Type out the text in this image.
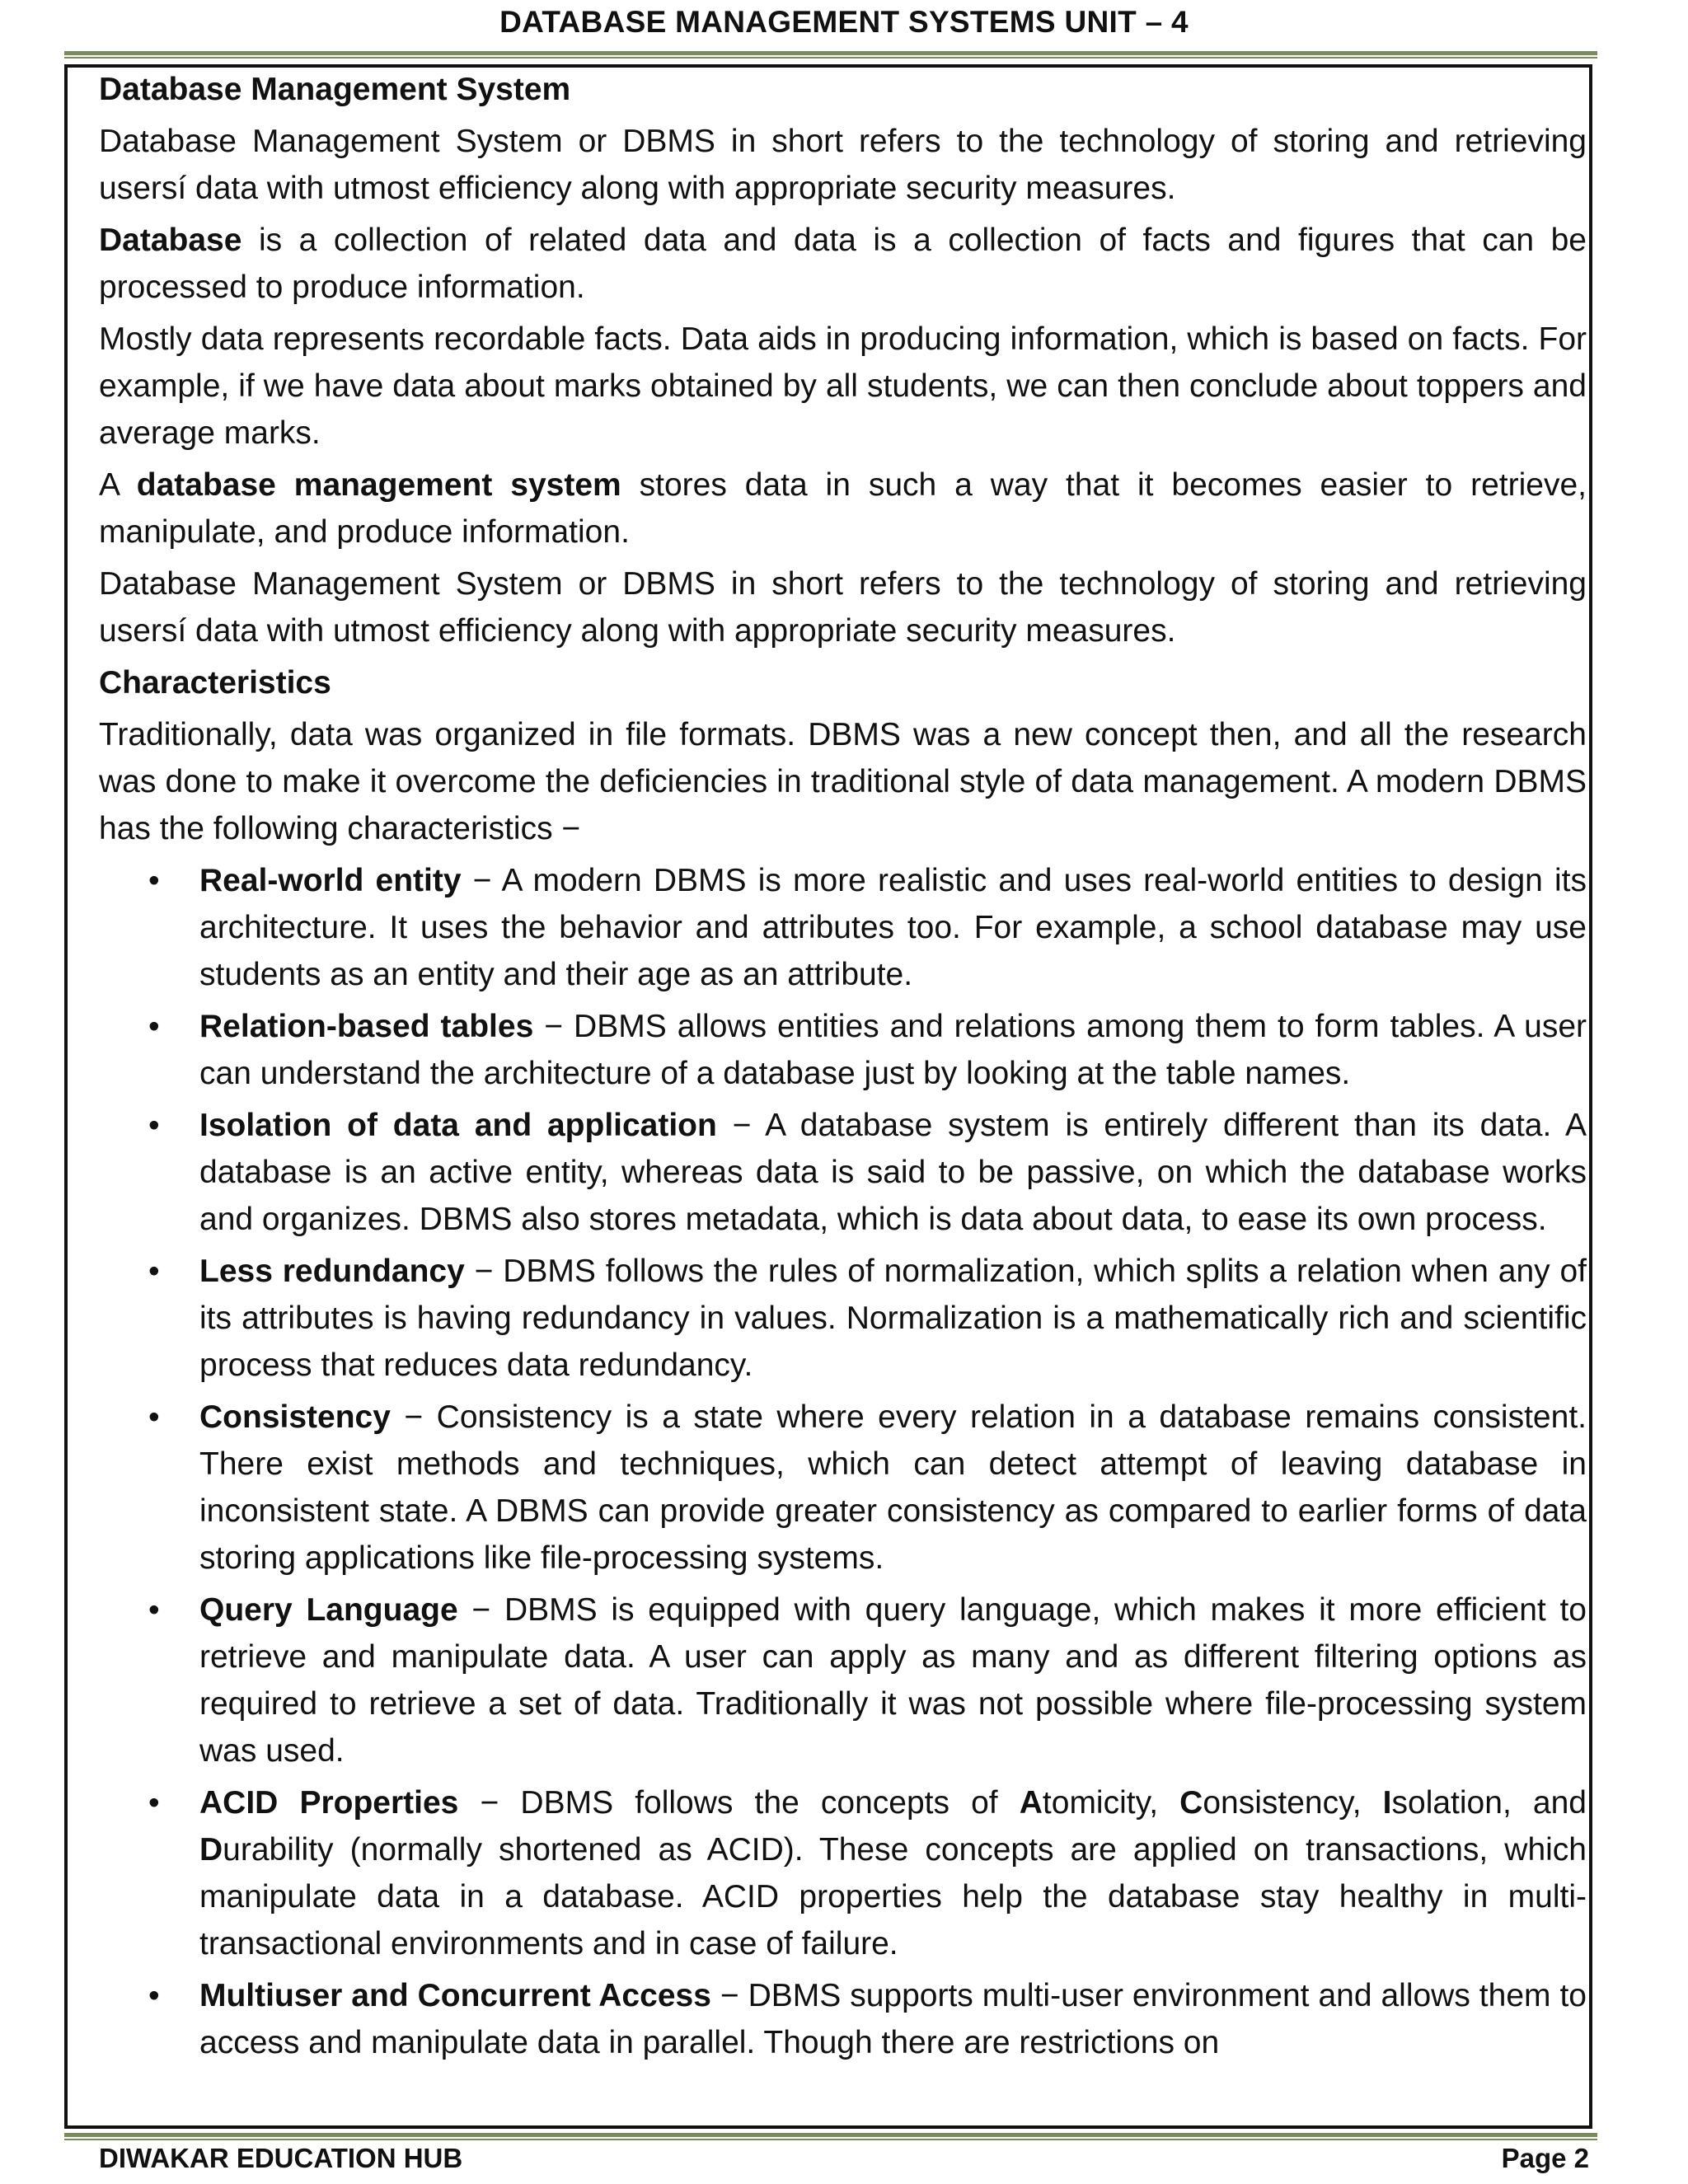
DATABASE MANAGEMENT SYSTEMS UNIT – 4
Database Management System

Database Management System or DBMS in short refers to the technology of storing and retrieving usersí data with utmost efficiency along with appropriate security measures.

Database is a collection of related data and data is a collection of facts and figures that can be processed to produce information.

Mostly data represents recordable facts. Data aids in producing information, which is based on facts. For example, if we have data about marks obtained by all students, we can then conclude about toppers and average marks.

A database management system stores data in such a way that it becomes easier to retrieve, manipulate, and produce information.

Database Management System or DBMS in short refers to the technology of storing and retrieving usersí data with utmost efficiency along with appropriate security measures.

Characteristics

Traditionally, data was organized in file formats. DBMS was a new concept then, and all the research was done to make it overcome the deficiencies in traditional style of data management. A modern DBMS has the following characteristics −

• Real-world entity − A modern DBMS is more realistic and uses real-world entities to design its architecture. It uses the behavior and attributes too. For example, a school database may use students as an entity and their age as an attribute.
• Relation-based tables − DBMS allows entities and relations among them to form tables. A user can understand the architecture of a database just by looking at the table names.
• Isolation of data and application − A database system is entirely different than its data. A database is an active entity, whereas data is said to be passive, on which the database works and organizes. DBMS also stores metadata, which is data about data, to ease its own process.
• Less redundancy − DBMS follows the rules of normalization, which splits a relation when any of its attributes is having redundancy in values. Normalization is a mathematically rich and scientific process that reduces data redundancy.
• Consistency − Consistency is a state where every relation in a database remains consistent. There exist methods and techniques, which can detect attempt of leaving database in inconsistent state. A DBMS can provide greater consistency as compared to earlier forms of data storing applications like file-processing systems.
• Query Language − DBMS is equipped with query language, which makes it more efficient to retrieve and manipulate data. A user can apply as many and as different filtering options as required to retrieve a set of data. Traditionally it was not possible where file-processing system was used.
• ACID Properties − DBMS follows the concepts of Atomicity, Consistency, Isolation, and Durability (normally shortened as ACID). These concepts are applied on transactions, which manipulate data in a database. ACID properties help the database stay healthy in multi-transactional environments and in case of failure.
• Multiuser and Concurrent Access − DBMS supports multi-user environment and allows them to access and manipulate data in parallel. Though there are restrictions on
DIWAKAR EDUCATION HUB	Page 2
